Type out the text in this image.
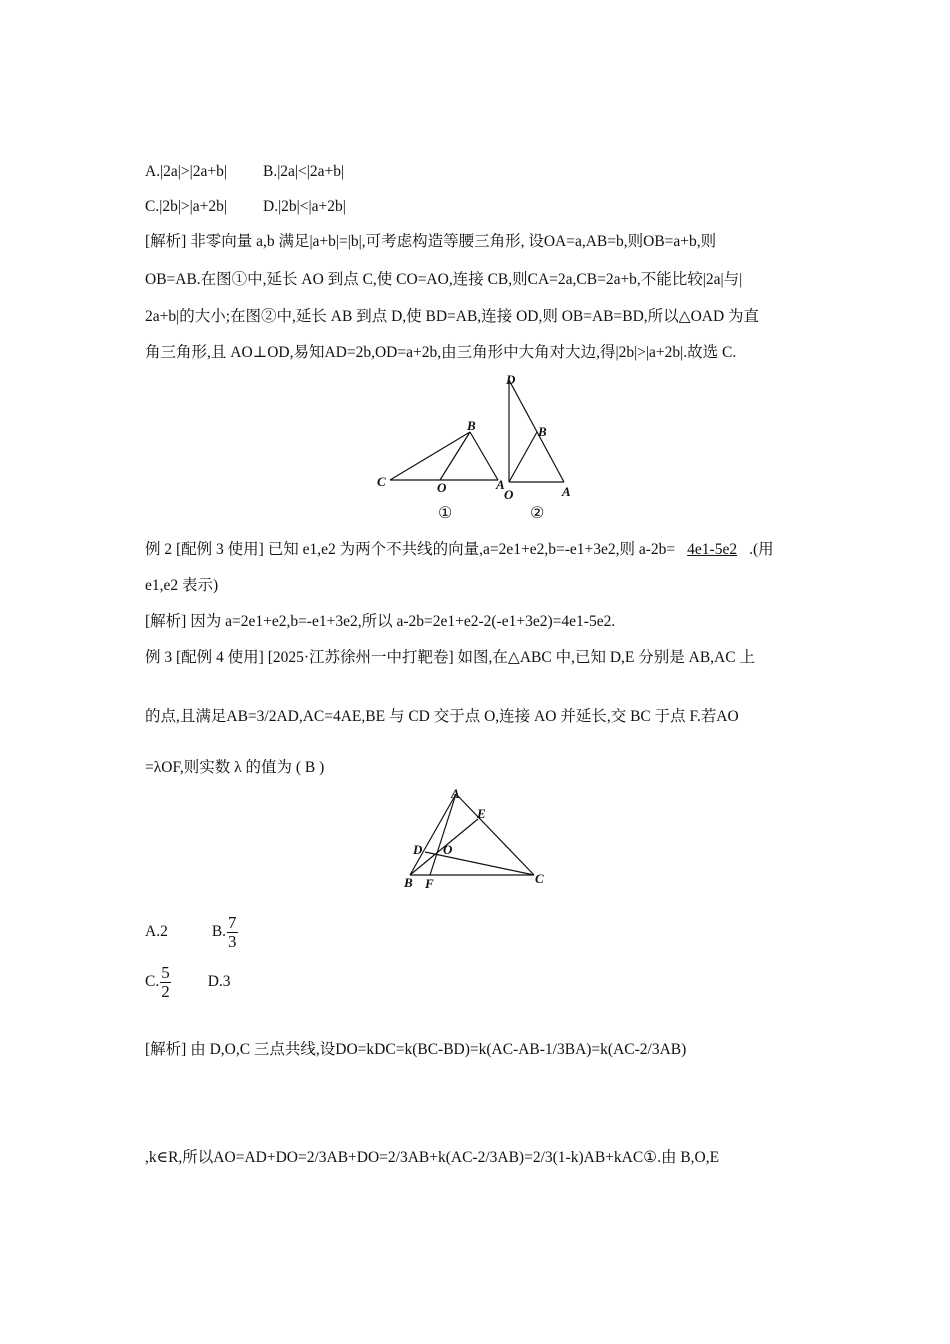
A.|2a|>|2a+b| B.|2a|<|2a+b|
C.|2b|>|a+2b| D.|2b|<|a+2b|
[解析] 非零向量 a,b 满足|a+b|=|b|,可考虑构造等腰三角形, 设OA=a,AB=b,则OB=a+b,则
OB=AB.在图①中,延长 AO 到点 C,使 CO=AO,连接 CB,则CA=2a,CB=2a+b,不能比较|2a|与|
2a+b|的大小;在图②中,延长 AB 到点 D,使 BD=AB,连接 OD,则 OB=AB=BD,所以△OAD 为直
角三角形,且 AO⊥OD,易知AD=2b,OD=a+2b,由三角形中大角对大边,得|2b|>|a+2b|.故选 C.
B
C	O	A
D
B
O	A
①	②
例 2 [配例 3 使用] 已知 e1,e2 为两个不共线的向量,a=2e1+e2,b=-e1+3e2,则 a-2b= 4e1-5e2 .(用
e1,e2 表示)
[解析] 因为 a=2e1+e2,b=-e1+3e2,所以 a-2b=2e1+e2-2(-e1+3e2)=4e1-5e2.
例 3 [配例 4 使用] [2025·江苏徐州一中打靶卷] 如图,在△ABC 中,已知 D,E 分别是 AB,AC 上
的点,且满足AB=3/2AD,AC=4AE,BE 与 CD 交于点 O,连接 AO 并延长,交 BC 于点 F.若AO
=λOF,则实数 λ 的值为 ( B )
A
E
D O
B F	C
A.2	B. $\frac{7}{3}$
C. $\frac{5}{2} D.3$
[解析] 由 D,O,C 三点共线,设DO=kDC=k(BC-BD)=k(AC-AB-1/3BA)=k(AC-2/3AB)
,k∈R,所以AO=AD+DO=2/3AB+DO=2/3AB+k(AC-2/3AB)=2/3(1-k)AB+kAC①.由 B,O,E
